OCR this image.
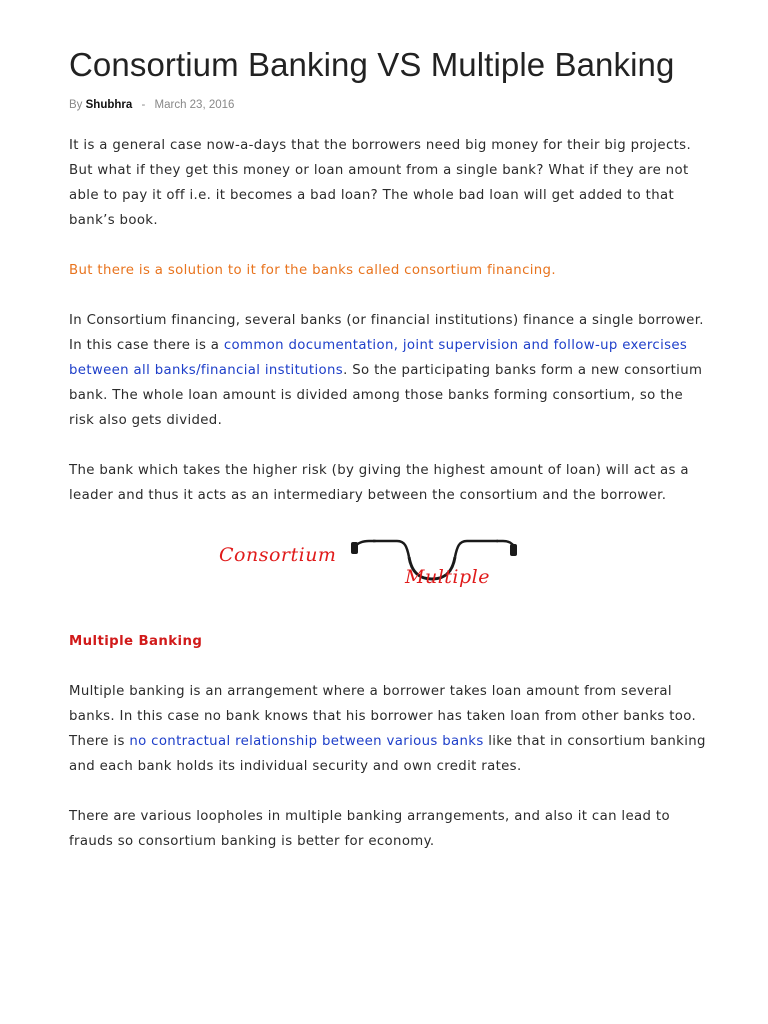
Consortium Banking VS Multiple Banking
By Shubhra - March 23, 2016

It is a general case now-a-days that the borrowers need big money for their big projects. But what if they get this money or loan amount from a single bank? What if they are not able to pay it off i.e. it becomes a bad loan? The whole bad loan will get added to that bank’s book.

But there is a solution to it for the banks called consortium financing.

In Consortium financing, several banks (or financial institutions) finance a single borrower. In this case there is a common documentation, joint supervision and follow-up exercises between all banks/financial institutions. So the participating banks form a new consortium bank. The whole loan amount is divided among those banks forming consortium, so the risk also gets divided.

The bank which takes the higher risk (by giving the highest amount of loan) will act as a leader and thus it acts as an intermediary between the consortium and the borrower.

Consortium
Multiple
Multiple Banking

Multiple banking is an arrangement where a borrower takes loan amount from several banks. In this case no bank knows that his borrower has taken loan from other banks too. There is no contractual relationship between various banks like that in consortium banking and each bank holds its individual security and own credit rates.

There are various loopholes in multiple banking arrangements, and also it can lead to frauds so consortium banking is better for economy.
